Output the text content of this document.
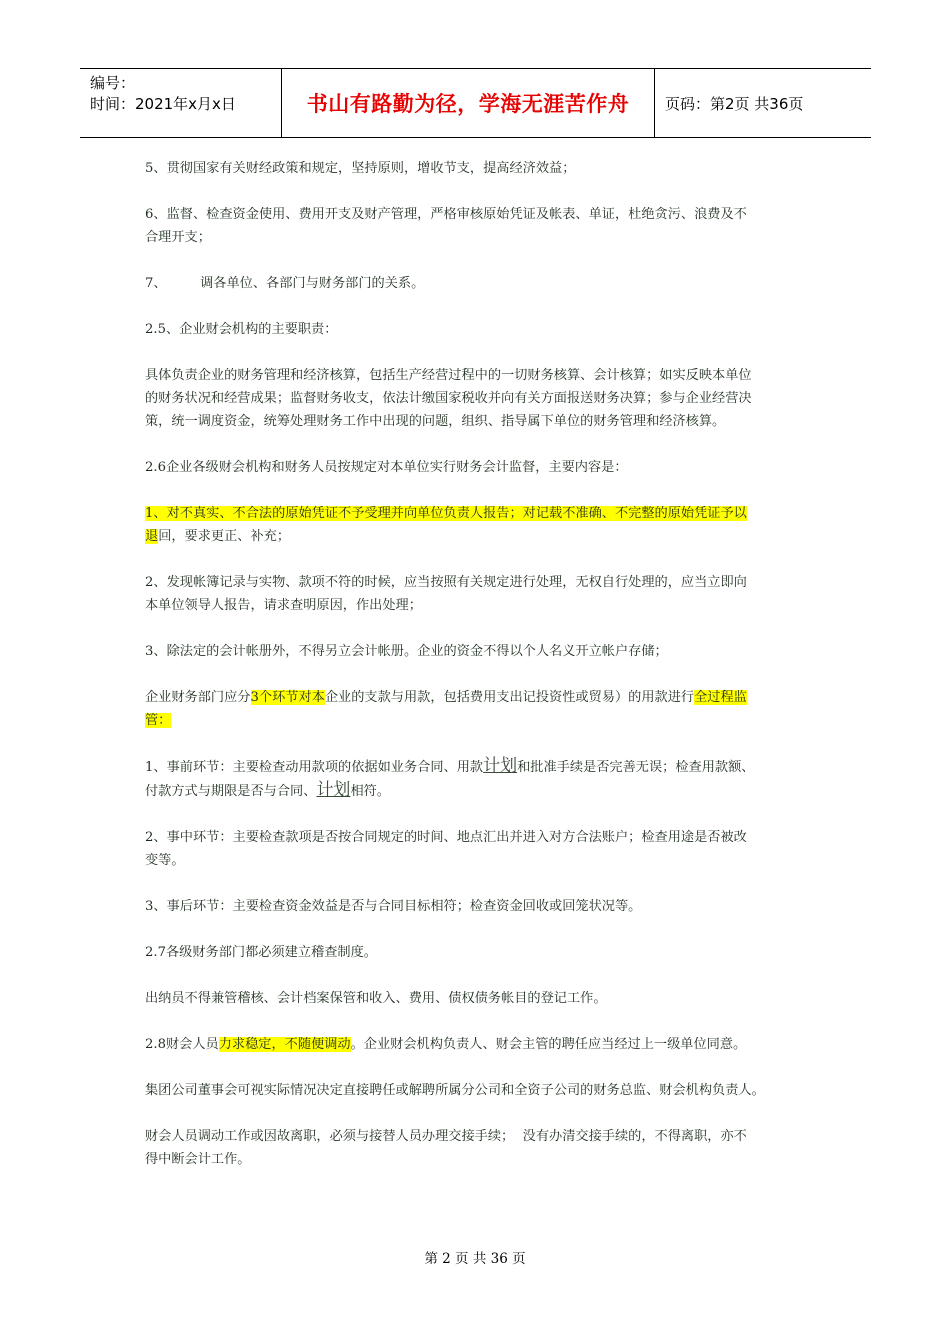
编号：
时间：2021年x月x日	书山有路勤为径，学海无涯苦作舟	页码：第2页 共36页

5、贯彻国家有关财经政策和规定，坚持原则，增收节支，提高经济效益；

6、监督、检查资金使用、费用开支及财产管理，严格审核原始凭证及帐表、单证，杜绝贪污、浪费及不
合理开支；

7、        调各单位、各部门与财务部门的关系。

2.5、企业财会机构的主要职责：

具体负责企业的财务管理和经济核算，包括生产经营过程中的一切财务核算、会计核算；如实反映本单位
的财务状况和经营成果；监督财务收支，依法计缴国家税收并向有关方面报送财务决算；参与企业经营决
策，统一调度资金，统筹处理财务工作中出现的问题，组织、指导属下单位的财务管理和经济核算。

2.6企业各级财会机构和财务人员按规定对本单位实行财务会计监督，主要内容是：

1、对不真实、不合法的原始凭证不予受理并向单位负责人报告；对记载不准确、不完整的原始凭证予以
退回，要求更正、补充；

2、发现帐簿记录与实物、款项不符的时候，应当按照有关规定进行处理，无权自行处理的，应当立即向
本单位领导人报告，请求查明原因，作出处理；

3、除法定的会计帐册外，不得另立会计帐册。企业的资金不得以个人名义开立帐户存储；

企业财务部门应分3个环节对本企业的支款与用款，包括费用支出记投资性或贸易）的用款进行全过程监
管：

1、事前环节：主要检查动用款项的依据如业务合同、用款计划和批准手续是否完善无误；检查用款额、
付款方式与期限是否与合同、计划相符。

2、事中环节：主要检查款项是否按合同规定的时间、地点汇出并进入对方合法账户；检查用途是否被改
变等。

3、事后环节：主要检查资金效益是否与合同目标相符；检查资金回收或回笼状况等。

2.7各级财务部门都必须建立稽查制度。

出纳员不得兼管稽核、会计档案保管和收入、费用、债权债务帐目的登记工作。

2.8财会人员力求稳定，不随便调动。企业财会机构负责人、财会主管的聘任应当经过上一级单位同意。

集团公司董事会可视实际情况决定直接聘任或解聘所属分公司和全资子公司的财务总监、财会机构负责人。

财会人员调动工作或因故离职，必须与接替人员办理交接手续；  没有办清交接手续的，不得离职，亦不
得中断会计工作。

第 2 页 共 36 页
